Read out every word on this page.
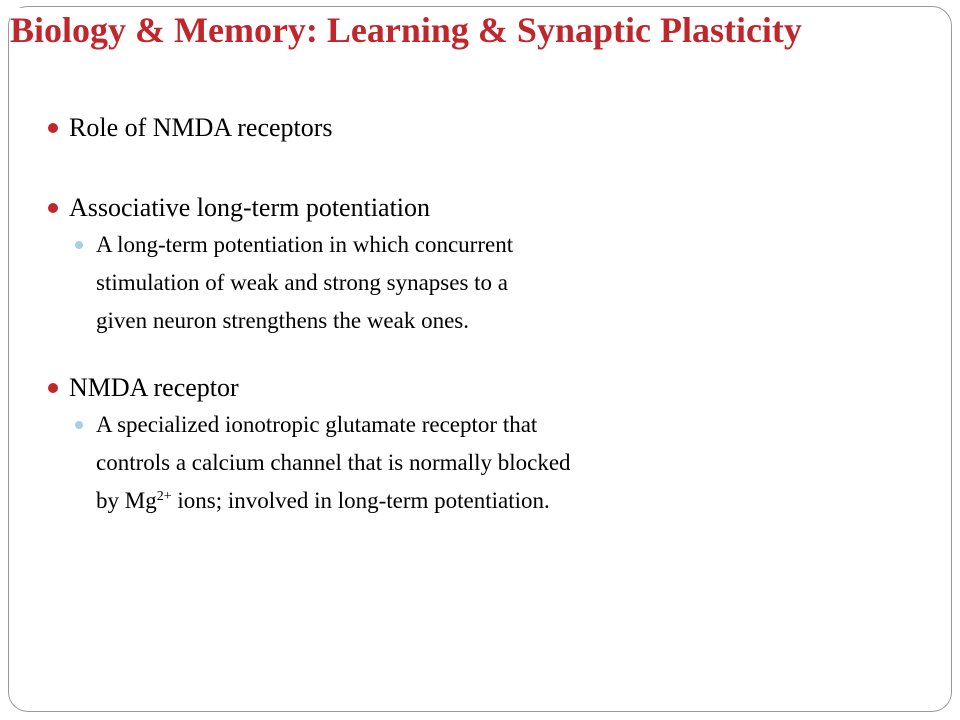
Biology & Memory: Learning & Synaptic Plasticity
Role of NMDA receptors
Associative long-term potentiation
A long-term potentiation in which concurrent
stimulation of weak and strong synapses to a
given neuron strengthens the weak ones.
NMDA receptor
A specialized ionotropic glutamate receptor that
controls a calcium channel that is normally blocked
by $Mg^{2+}$ ions; involved in long-term potentiation.
